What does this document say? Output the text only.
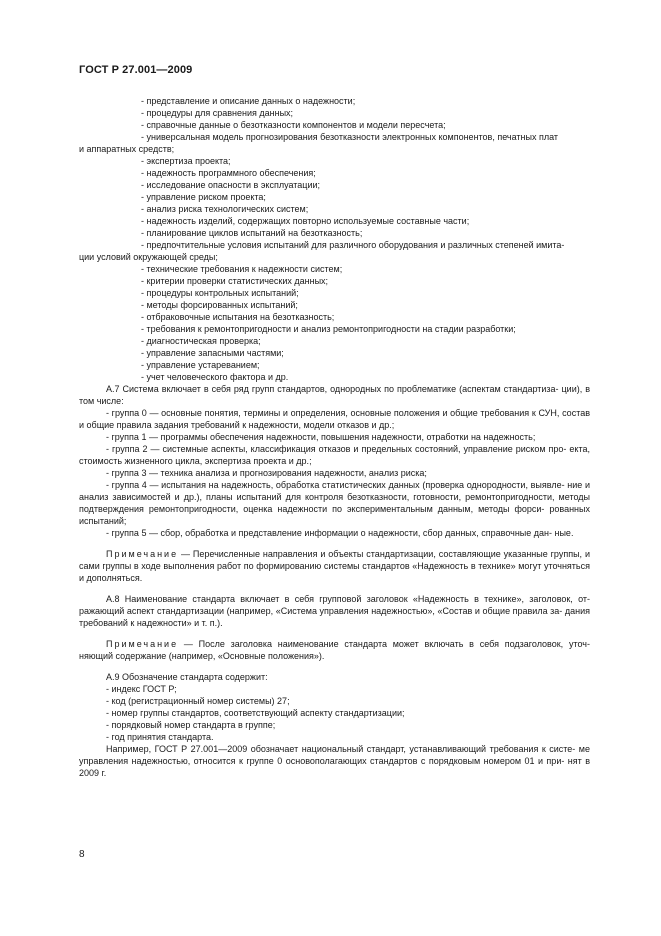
ГОСТ Р 27.001—2009

- представление и описание данных о надежности;

- процедуры для сравнения данных;

- справочные данные о безотказности компонентов и модели пересчета;

- универсальная модель прогнозирования безотказности электронных компонентов, печатных плат

и аппаратных средств;

- экспертиза проекта;

- надежность программного обеспечения;

- исследование опасности в эксплуатации;

- управление риском проекта;

- анализ риска технологических систем;

- надежность изделий, содержащих повторно используемые составные части;

- планирование циклов испытаний на безотказность;

- предпочтительные условия испытаний для различного оборудования и различных степеней имита-

ции условий окружающей среды;

- технические требования к надежности систем;

- критерии проверки статистических данных;

- процедуры контрольных испытаний;

- методы форсированных испытаний;

- отбраковочные испытания на безотказность;

- требования к ремонтопригодности и анализ ремонтопригодности на стадии разработки;

- диагностическая проверка;

- управление запасными частями;

- управление устареванием;

- учет человеческого фактора и др.

А.7 Система включает в себя ряд групп стандартов, однородных по проблематике (аспектам стандартиза- ции), в том числе:

- группа 0 — основные понятия, термины и определения, основные положения и общие требования к СУН, состав и общие правила задания требований к надежности, модели отказов и др.;

- группа 1 — программы обеспечения надежности, повышения надежности, отработки на надежность;

- группа 2 — системные аспекты, классификация отказов и предельных состояний, управление риском про- екта, стоимость жизненного цикла, экспертиза проекта и др.;

- группа 3 — техника анализа и прогнозирования надежности, анализ риска;

- группа 4 — испытания на надежность, обработка статистических данных (проверка однородности, выявле- ние и анализ зависимостей и др.), планы испытаний для контроля безотказности, готовности, ремонтопригодности, методы подтверждения ремонтопригодности, оценка надежности по экспериментальным данным, методы форси- рованных испытаний;

- группа 5 — сбор, обработка и представление информации о надежности, сбор данных, справочные дан- ные.

Примечание — Перечисленные направления и объекты стандартизации, составляющие указанные группы, и сами группы в ходе выполнения работ по формированию системы стандартов «Надежность в технике» могут уточняться и дополняться.

А.8 Наименование стандарта включает в себя групповой заголовок «Надежность в технике», заголовок, от- ражающий аспект стандартизации (например, «Система управления надежностью», «Состав и общие правила за- дания требований к надежности» и т. п.).

Примечание — После заголовка наименование стандарта может включать в себя подзаголовок, уточ- няющий содержание (например, «Основные положения»).

А.9 Обозначение стандарта содержит:

- индекс ГОСТ Р;

- код (регистрационный номер системы) 27;

- номер группы стандартов, соответствующий аспекту стандартизации;

- порядковый номер стандарта в группе;

- год принятия стандарта.

Например, ГОСТ Р 27.001—2009 обозначает национальный стандарт, устанавливающий требования к систе- ме управления надежностью, относится к группе 0 основополагающих стандартов с порядковым номером 01 и при- нят в 2009 г.

8
